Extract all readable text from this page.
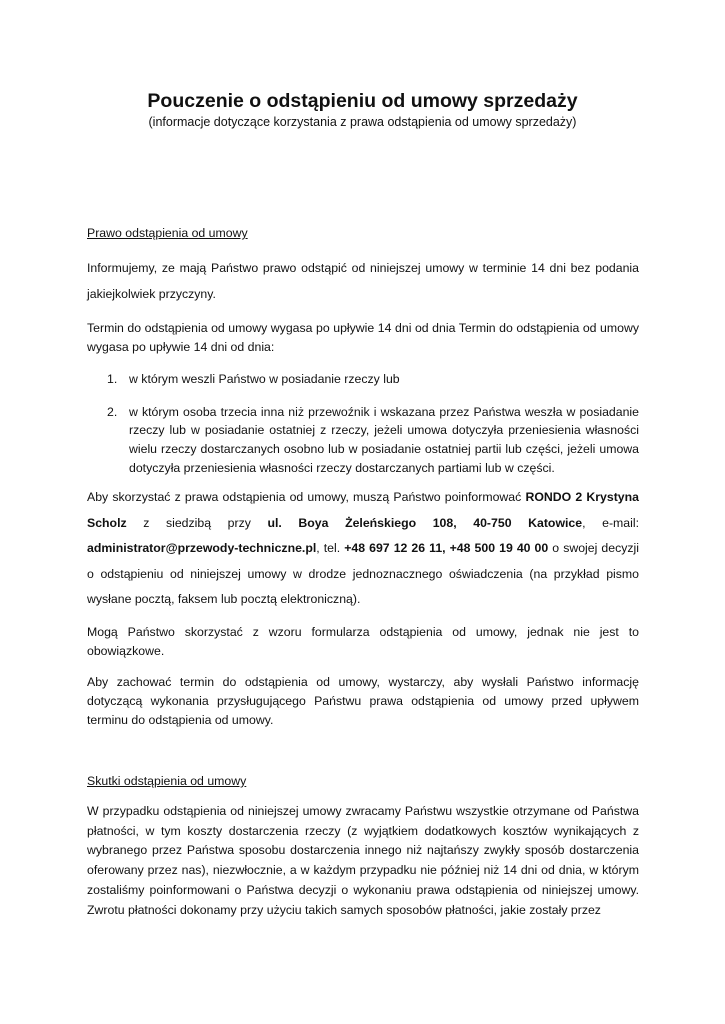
Pouczenie o odstąpieniu od umowy sprzedaży

(informacje dotyczące korzystania z prawa odstąpienia od umowy sprzedaży)

Prawo odstąpienia od umowy

Informujemy, ze mają Państwo prawo odstąpić od niniejszej umowy w terminie 14 dni bez podania jakiejkolwiek przyczyny.

Termin do odstąpienia od umowy wygasa po upływie 14 dni od dnia Termin do odstąpienia od umowy wygasa po upływie 14 dni od dnia:

1. w którym weszli Państwo w posiadanie rzeczy lub
2. w którym osoba trzecia inna niż przewoźnik i wskazana przez Państwa weszła w posiadanie rzeczy lub w posiadanie ostatniej z rzeczy, jeżeli umowa dotyczyła przeniesienia własności wielu rzeczy dostarczanych osobno lub w posiadanie ostatniej partii lub części, jeżeli umowa dotyczyła przeniesienia własności rzeczy dostarczanych partiami lub w części.

Aby skorzystać z prawa odstąpienia od umowy, muszą Państwo poinformować RONDO 2 Krystyna Scholz z siedzibą przy ul. Boya Żeleńskiego 108, 40-750 Katowice, e-mail: administrator@przewody-techniczne.pl, tel. +48 697 12 26 11, +48 500 19 40 00 o swojej decyzji o odstąpieniu od niniejszej umowy w drodze jednoznacznego oświadczenia (na przykład pismo wysłane pocztą, faksem lub pocztą elektroniczną).

Mogą Państwo skorzystać z wzoru formularza odstąpienia od umowy, jednak nie jest to obowiązkowe.

Aby zachować termin do odstąpienia od umowy, wystarczy, aby wysłali Państwo informację dotyczącą wykonania przysługującego Państwu prawa odstąpienia od umowy przed upływem terminu do odstąpienia od umowy.

Skutki odstąpienia od umowy

W przypadku odstąpienia od niniejszej umowy zwracamy Państwu wszystkie otrzymane od Państwa płatności, w tym koszty dostarczenia rzeczy (z wyjątkiem dodatkowych kosztów wynikających z wybranego przez Państwa sposobu dostarczenia innego niż najtańszy zwykły sposób dostarczenia oferowany przez nas), niezwłocznie, a w każdym przypadku nie później niż 14 dni od dnia, w którym zostaliśmy poinformowani o Państwa decyzji o wykonaniu prawa odstąpienia od niniejszej umowy. Zwrotu płatności dokonamy przy użyciu takich samych sposobów płatności, jakie zostały przez
